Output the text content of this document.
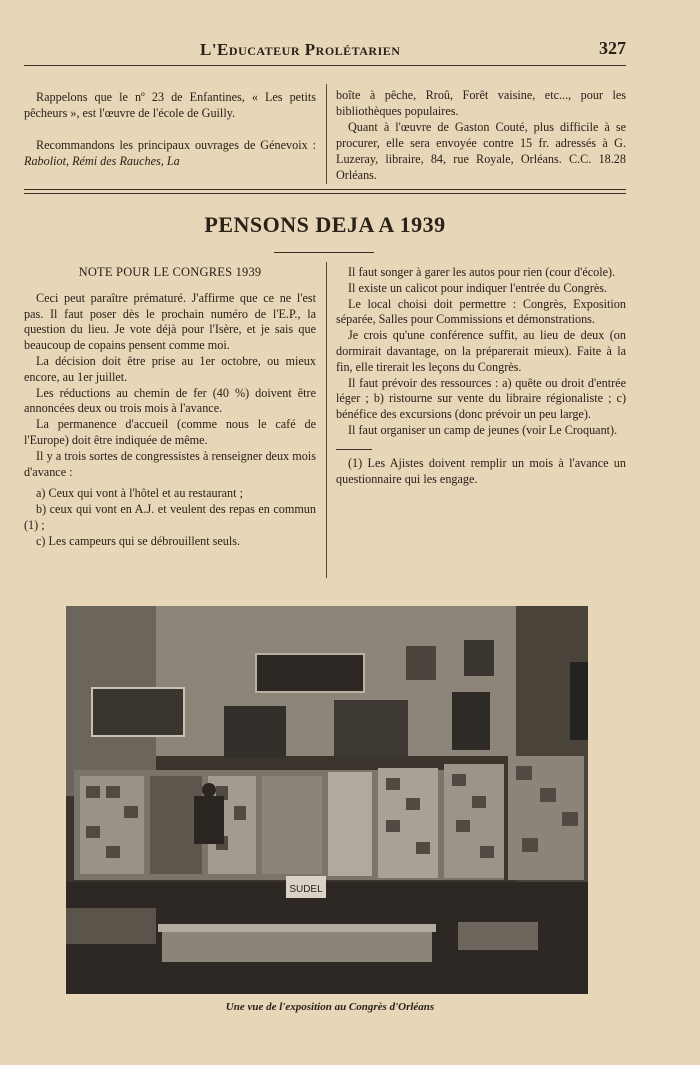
L'Educateur Prolétarien	327

Rappelons que le nº 23 de Enfantines, « Les petits pêcheurs », est l'œuvre de l'école de Guilly.

Recommandons les principaux ouvrages de Génevoix : Raboliot, Rémi des Rauches, La

boîte à pêche, Rroû, Forêt vaisine, etc..., pour les bibliothèques populaires.

Quant à l'œuvre de Gaston Couté, plus difficile à se procurer, elle sera envoyée contre 15 fr. adressés à G. Luzeray, libraire, 84, rue Royale, Orléans. C.C. 18.28 Orléans.

PENSONS DEJA A 1939
NOTE POUR LE CONGRES 1939

Ceci peut paraître prématuré. J'affirme que ce ne l'est pas. Il faut poser dès le prochain numéro de l'E.P., la question du lieu. Je vote déjà pour l'Isère, et je sais que beaucoup de copains pensent comme moi.

La décision doit être prise au 1er octobre, ou mieux encore, au 1er juillet.

Les réductions au chemin de fer (40 %) doivent être annoncées deux ou trois mois à l'avance.

La permanence d'accueil (comme nous le café de l'Europe) doit être indiquée de même.

Il y a trois sortes de congressistes à renseigner deux mois d'avance :

a) Ceux qui vont à l'hôtel et au restaurant ;

b) ceux qui vont en A.J. et veulent des repas en commun (1) ;

c) Les campeurs qui se débrouillent seuls.

Il faut songer à garer les autos pour rien (cour d'école).

Il existe un calicot pour indiquer l'entrée du Congrès.

Le local choisi doit permettre : Congrès, Exposition séparée, Salles pour Commissions et démonstrations.

Je crois qu'une conférence suffit, au lieu de deux (on dormirait davantage, on la préparerait mieux). Faite à la fin, elle tirerait les leçons du Congrès.

Il faut prévoir des ressources : a) quête ou droit d'entrée léger ; b) ristourne sur vente du libraire régionaliste ; c) bénéfice des excursions (donc prévoir un peu large).

Il faut organiser un camp de jeunes (voir Le Croquant).

(1) Les Ajistes doivent remplir un mois à l'avance un questionnaire qui les engage.

SUDEL
Une vue de l'exposition au Congrès d'Orléans
